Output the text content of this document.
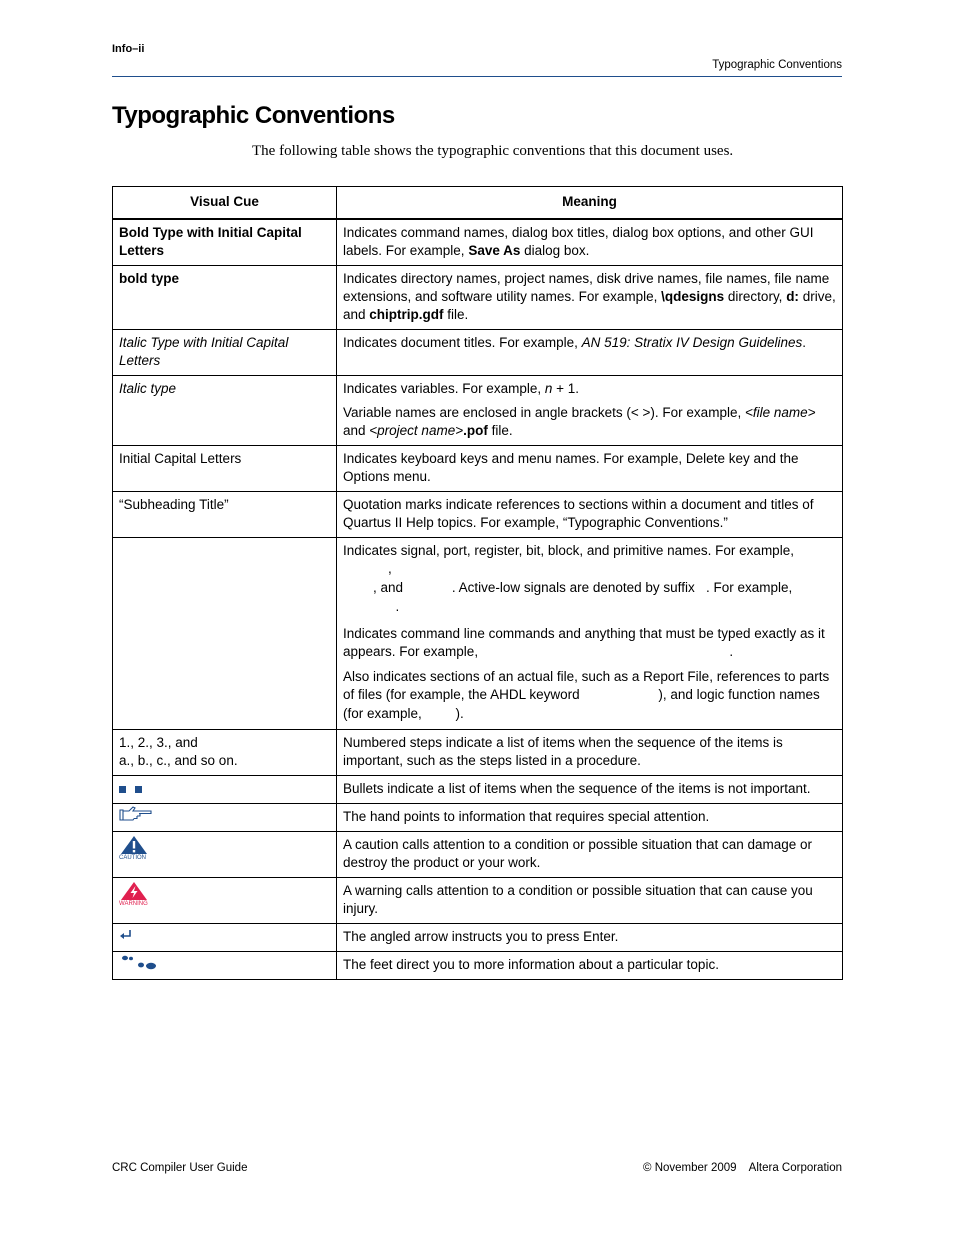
Info–ii
Typographic Conventions
Typographic Conventions

The following table shows the typographic conventions that this document uses.

Visual Cue	Meaning
Bold Type with Initial Capital Letters	Indicates command names, dialog box titles, dialog box options, and other GUI labels. For example, Save As dialog box.
bold type	Indicates directory names, project names, disk drive names, file names, file name extensions, and software utility names. For example, \qdesigns directory, d: drive, and chiptrip.gdf file.
Italic Type with Initial Capital Letters	Indicates document titles. For example, AN 519: Stratix IV Design Guidelines.
Italic type	Indicates variables. For example, n + 1.

Variable names are enclosed in angle brackets (< >). For example, <file name> and <project name>.pof file.

Initial Capital Letters	Indicates keyboard keys and menu names. For example, Delete key and the Options menu.
“Subheading Title”	Quotation marks indicate references to sections within a document and titles of Quartus II Help topics. For example, “Typographic Conventions.”

	Indicates signal, port, register, bit, block, and primitive names. For example, ,
, and . Active-low signals are denoted by suffix . For example,
.

Indicates command line commands and anything that must be typed exactly as it appears. For example, .

Also indicates sections of an actual file, such as a Report File, references to parts of files (for example, the AHDL keyword ), and logic function names (for example, ).

1., 2., 3., and
a., b., c., and so on.	Numbered steps indicate a list of items when the sequence of the items is important, such as the steps listed in a procedure.
	Bullets indicate a list of items when the sequence of the items is not important.
	The hand points to information that requires special attention.

CAUTION	A caution calls attention to a condition or possible situation that can damage or destroy the product or your work.

WARNING	A warning calls attention to a condition or possible situation that can cause you injury.
	The angled arrow instructs you to press Enter.
	The feet direct you to more information about a particular topic.
CRC Compiler User Guide	© November 2009    Altera Corporation
